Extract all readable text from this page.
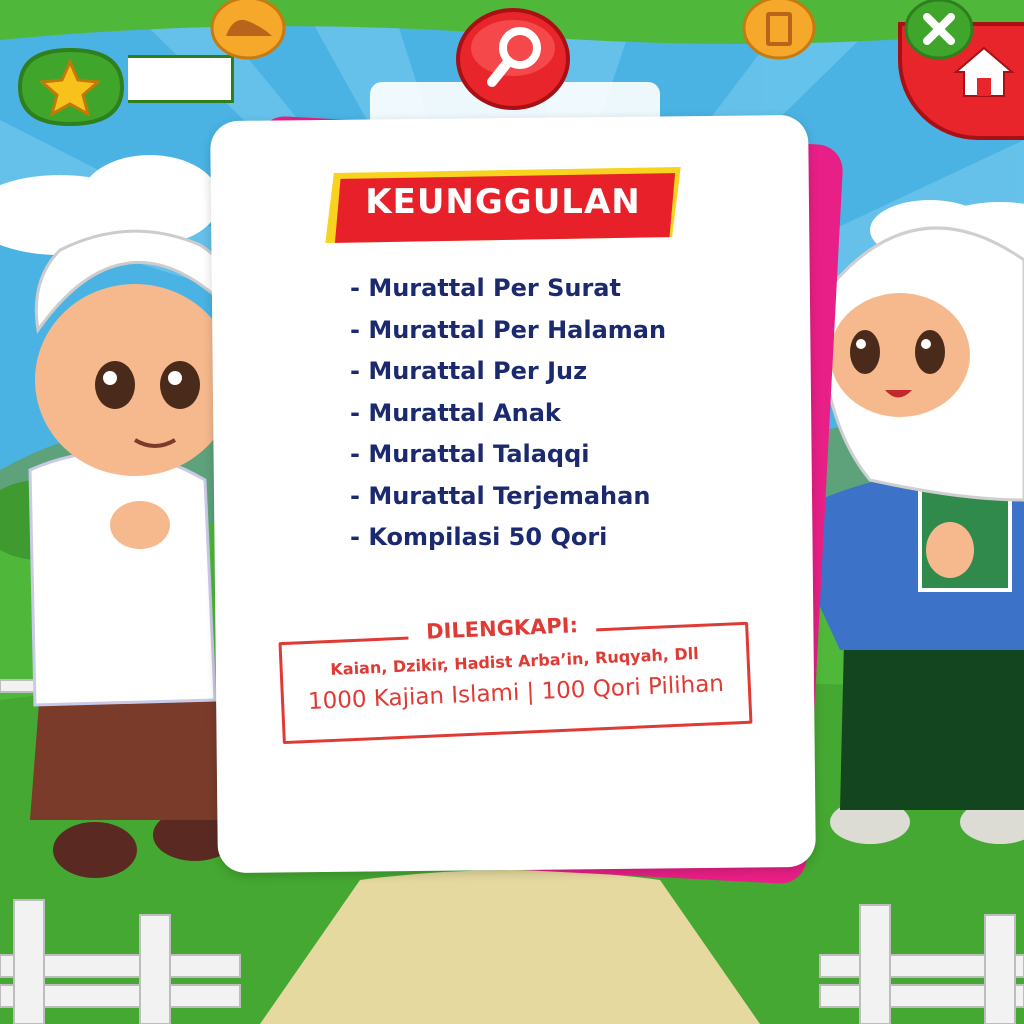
KEUNGGULAN
- Murattal Per Surat
- Murattal Per Halaman
- Murattal Per Juz
- Murattal Anak
- Murattal Talaqqi
- Murattal Terjemahan
- Kompilasi 50 Qori
DILENGKAPI:
Kaian, Dzikir, Hadist Arba’in, Ruqyah, Dll
1000 Kajian Islami | 100 Qori Pilihan
